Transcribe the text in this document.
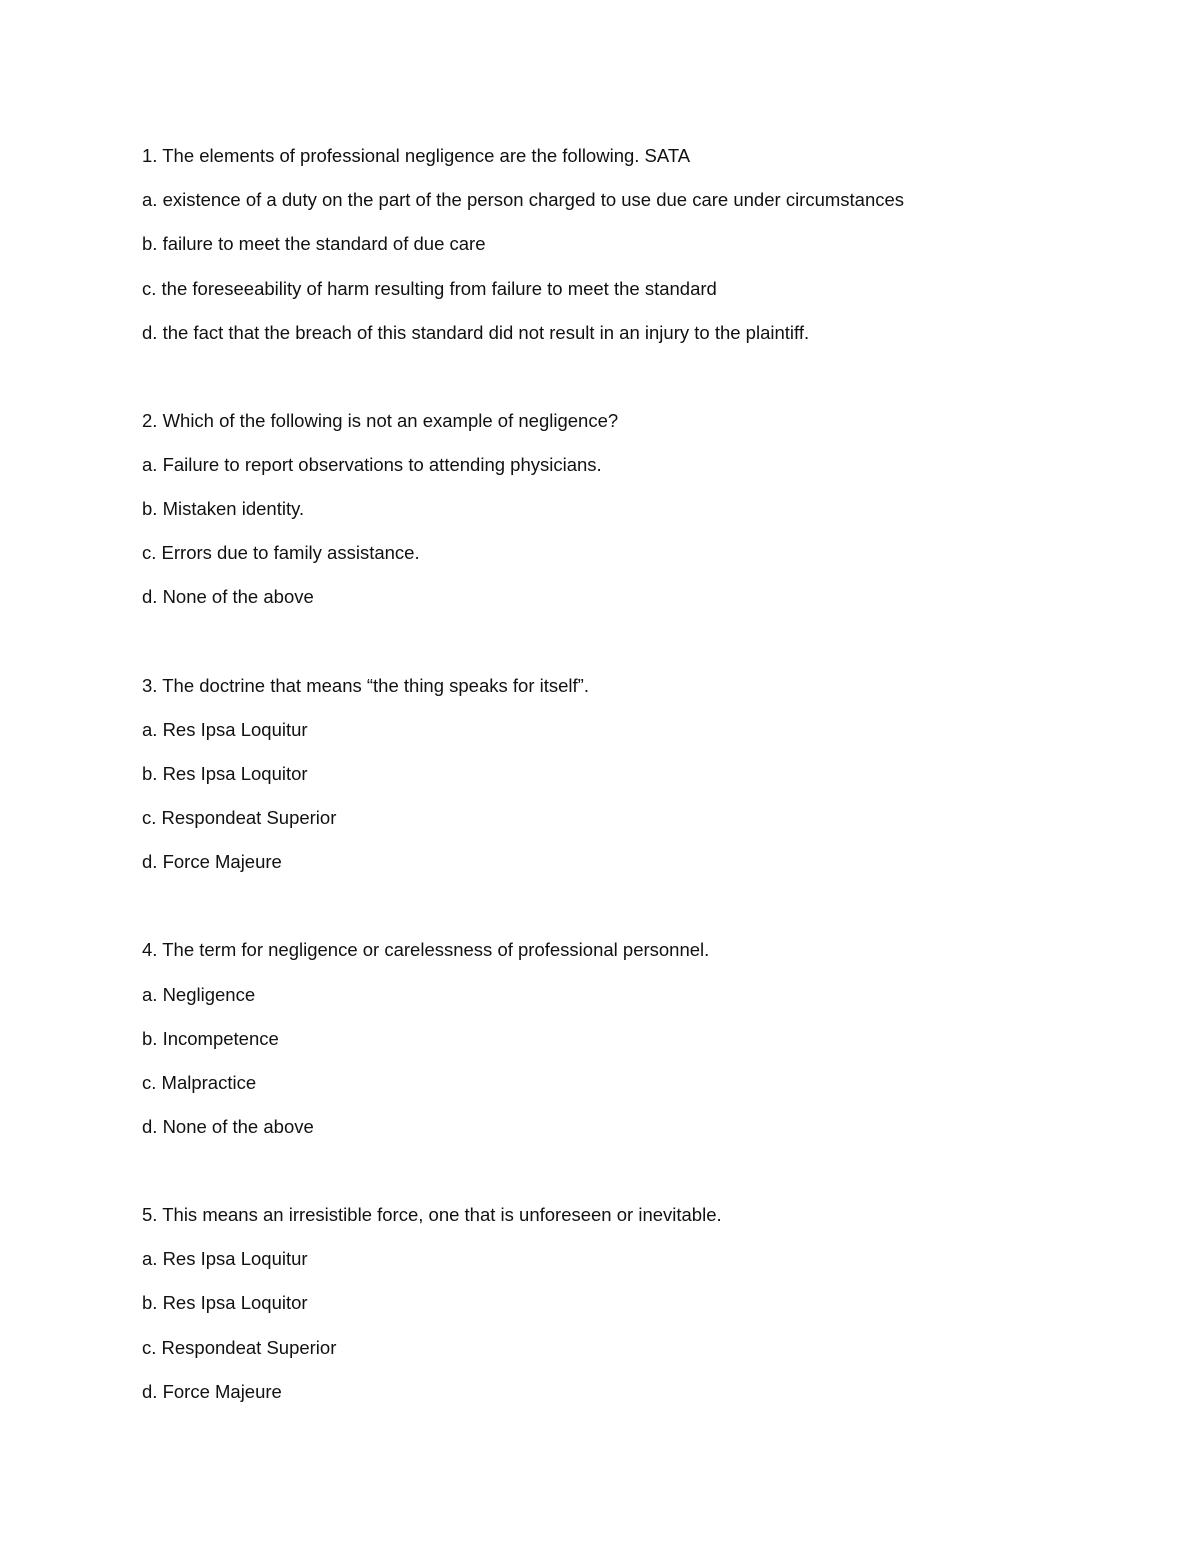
1. The elements of professional negligence are the following. SATA
a. existence of a duty on the part of the person charged to use due care under circumstances
b. failure to meet the standard of due care
c. the foreseeability of harm resulting from failure to meet the standard
d. the fact that the breach of this standard did not result in an injury to the plaintiff.
2. Which of the following is not an example of negligence?
a. Failure to report observations to attending physicians.
b. Mistaken identity.
c. Errors due to family assistance.
d. None of the above
3. The doctrine that means “the thing speaks for itself”.
a. Res Ipsa Loquitur
b. Res Ipsa Loquitor
c. Respondeat Superior
d. Force Majeure
4. The term for negligence or carelessness of professional personnel.
a. Negligence
b. Incompetence
c. Malpractice
d. None of the above
5. This means an irresistible force, one that is unforeseen or inevitable.
a. Res Ipsa Loquitur
b. Res Ipsa Loquitor
c. Respondeat Superior
d. Force Majeure
